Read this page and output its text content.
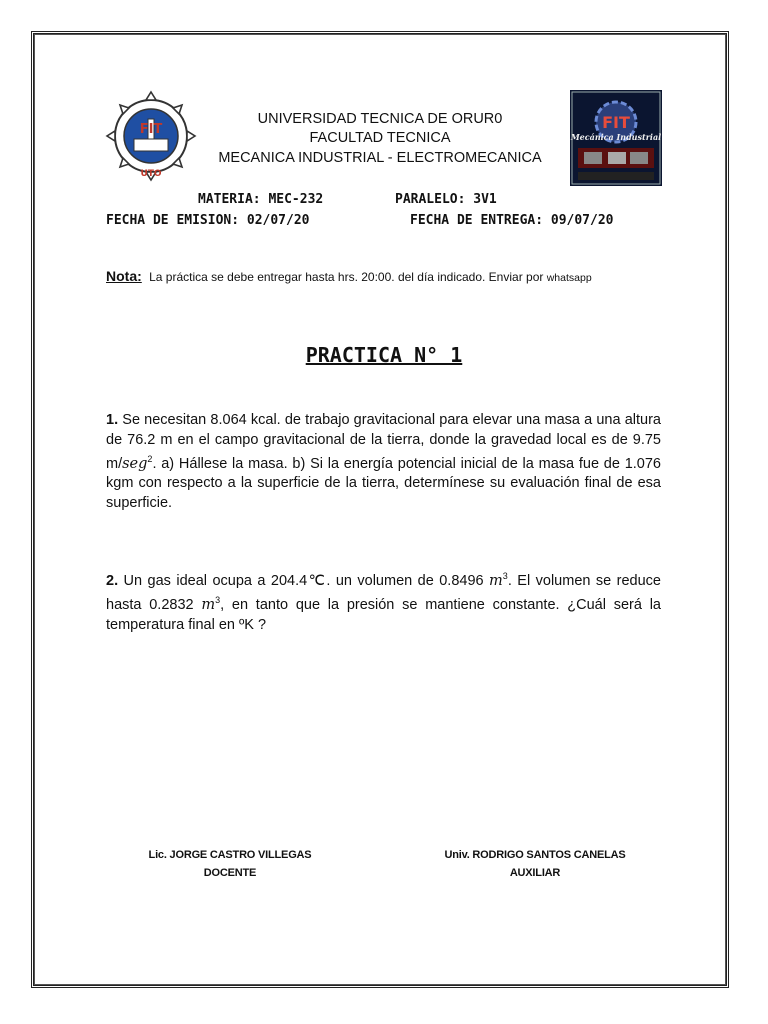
FIT
UTO
UNIVERSIDAD TECNICA DE ORUR0
FACULTAD TECNICA
MECANICA INDUSTRIAL - ELECTROMECANICA
FIT
Mecánica Industrial
MATERIA: MEC-232	PARALELO: 3V1
FECHA DE EMISION: 02/07/20	FECHA DE ENTREGA: 09/07/20
Nota: La práctica se debe entregar hasta hrs. 20:00. del día indicado. Enviar por whatsapp
PRACTICA N° 1
1. Se necesitan 8.064 kcal. de trabajo gravitacional para elevar una masa a una altura de 76.2 m en el campo gravitacional de la tierra, donde la gravedad local es de 9.75 m/seg$^2$. a) Hállese la masa. b) Si la energía potencial inicial de la masa fue de 1.076 kgm con respecto a la superficie de la tierra, determínese su evaluación final de esa superficie.
2. Un gas ideal ocupa a 204.4℃. un volumen de 0.8496 $m^3$. El volumen se reduce hasta 0.2832 $m^3$, en tanto que la presión se mantiene constante. ¿Cuál será la temperatura final en ºK ?
Lic. JORGE CASTRO VILLEGAS
DOCENTE
Univ. RODRIGO SANTOS CANELAS
AUXILIAR
